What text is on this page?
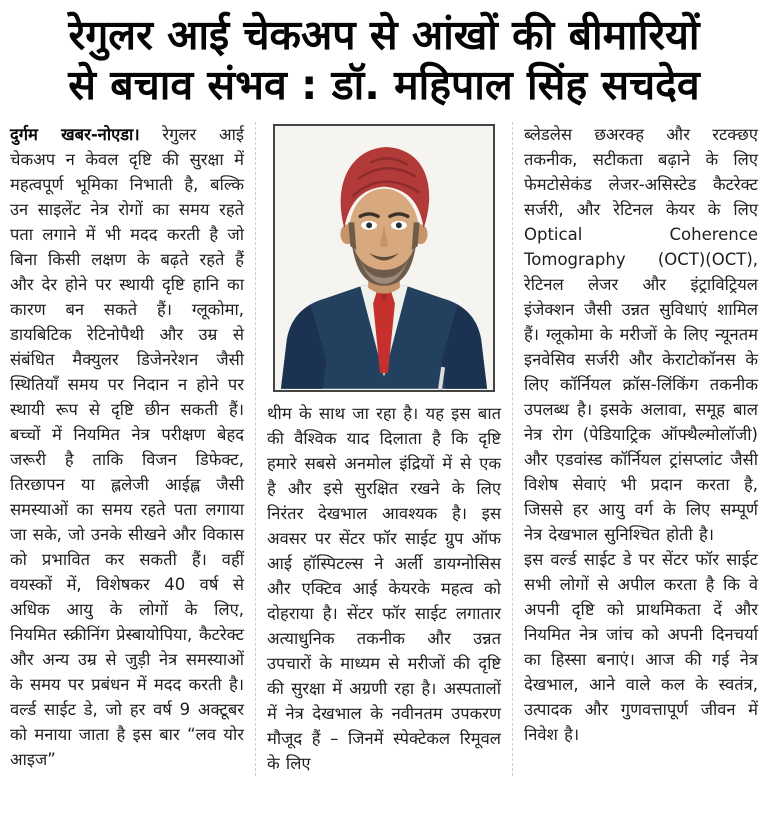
रेगुलर आई चेकअप से आंखों की बीमारियों
से बचाव संभव : डॉ. महिपाल सिंह सचदेव

दुर्गम खबर-नोएडा। रेगुलर आई चेकअप न केवल दृष्टि की सुरक्षा में महत्वपूर्ण भूमिका निभाती है, बल्कि उन साइलेंट नेत्र रोगों का समय रहते पता लगाने में भी मदद करती है जो बिना किसी लक्षण के बढ़ते रहते हैं और देर होने पर स्थायी दृष्टि हानि का कारण बन सकते हैं। ग्लूकोमा, डायबिटिक रेटिनोपैथी और उम्र से संबंधित मैक्युलर डिजेनरेशन जैसी स्थितियाँ समय पर निदान न होने पर स्थायी रूप से दृष्टि छीन सकती हैं।बच्चों में नियमित नेत्र परीक्षण बेहद जरूरी है ताकि विजन डिफेक्ट, तिरछापन या ह्ललेजी आईह्ल जैसी समस्याओं का समय रहते पता लगाया जा सके, जो उनके सीखने और विकास को प्रभावित कर सकती हैं। वहीं वयस्कों में, विशेषकर 40 वर्ष से अधिक आयु के लोगों के लिए, नियमित स्क्रीनिंग प्रेस्बायोपिया, कैटरेक्ट और अन्य उम्र से जुड़ी नेत्र समस्याओं के समय पर प्रबंधन में मदद करती है।वर्ल्ड साईट डे, जो हर वर्ष 9 अक्टूबर को मनाया जाता है इस बार “लव योर आइज”

थीम के साथ जा रहा है। यह इस बात की वैश्विक याद दिलाता है कि दृष्टि हमारे सबसे अनमोल इंद्रियों में से एक है और इसे सुरक्षित रखने के लिए निरंतर देखभाल आवश्यक है। इस अवसर पर सेंटर फॉर साईट ग्रुप ऑफ आई हॉस्पिटल्स ने अर्ली डायग्नोसिस और एक्टिव आई केयरके महत्व को दोहराया है। सेंटर फॉर साईट लगातार अत्याधुनिक तकनीक और उन्नत उपचारों के माध्यम से मरीजों की दृष्टि की सुरक्षा में अग्रणी रहा है। अस्पतालों में नेत्र देखभाल के नवीनतम उपकरण मौजूद हैं – जिनमें स्पेक्टेकल रिमूवल के लिए

ब्लेडलेस छअरक्ह और रटक्छए तकनीक, सटीकता बढ़ाने के लिए फेमटोसेकंड लेजर-असिस्टेड कैटरेक्ट सर्जरी, और रेटिनल केयर के लिए Optical Coherence Tomography (OCT)(OCT), रेटिनल लेजर और इंट्राविट्रियल इंजेक्शन जैसी उन्नत सुविधाएं शामिल हैं। ग्लूकोमा के मरीजों के लिए न्यूनतम इनवेसिव सर्जरी और केराटोकॉनस के लिए कॉर्नियल क्रॉस-लिंकिंग तकनीक उपलब्ध है। इसके अलावा, समूह बाल नेत्र रोग (पेडियाट्रिक ऑफ्थैल्मोलॉजी) और एडवांस्ड कॉर्नियल ट्रांसप्लांट जैसी विशेष सेवाएं भी प्रदान करता है, जिससे हर आयु वर्ग के लिए सम्पूर्ण नेत्र देखभाल सुनिश्चित होती है।

इस वर्ल्ड साईट डे पर सेंटर फॉर साईट सभी लोगों से अपील करता है कि वे अपनी दृष्टि को प्राथमिकता दें और नियमित नेत्र जांच को अपनी दिनचर्या का हिस्सा बनाएं। आज की गई नेत्र देखभाल, आने वाले कल के स्वतंत्र, उत्पादक और गुणवत्तापूर्ण जीवन में निवेश है।
